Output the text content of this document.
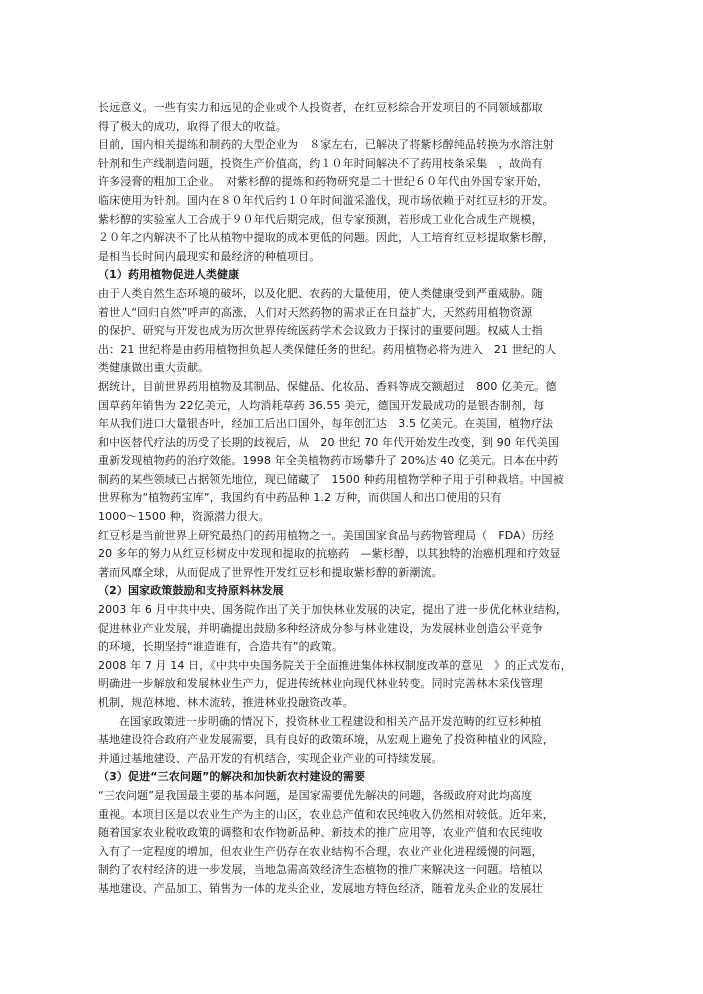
长远意义。一些有实力和远见的企业或个人投资者，在红豆杉综合开发项目的不同领域都取
得了极大的成功，取得了很大的收益。
目前，国内相关提练和制药的大型企业为　８家左右，已解决了将紫杉醇纯品转换为水溶注射
针剂和生产线制造问题，投资生产价值高，约１０年时间解决不了药用枝条采集　，故尚有
许多浸膏的粗加工企业。　对紫杉醇的提炼和药物研究是二十世纪６０年代由外国专家开始，
临床使用为针剂。国内在８０年代后约１０年时间滥采滥伐，现市场依赖于对红豆杉的开发。
紫杉醇的实验室人工合成于９０年代后期完成，但专家预测，若形成工业化合成生产规模，
２０年之内解决不了比从植物中提取的成本更低的问题。因此，人工培育红豆杉提取紫杉醇，
是相当长时间内最现实和最经济的种植项目。
（1）药用植物促进人类健康
由于人类自然生态环境的破坏，以及化肥、农药的大量使用，使人类健康受到严重威胁。随
着世人“回归自然”呼声的高涨，人们对天然药物的需求正在日益扩大，天然药用植物资源
的保护、研究与开发也成为历次世界传统医药学术会议致力于探讨的重要问题。权威人士指
出：21 世纪将是由药用植物担负起人类保健任务的世纪。药用植物必将为进入　21 世纪的人
类健康做出重大贡献。
据统计，目前世界药用植物及其制品、保健品、化妆品、香料等成交额超过　800 亿美元。德
国草药年销售为 22亿美元，人均消耗草药 36.55 美元，德国开发最成功的是银杏制剂，每
年从我们进口大量银杏叶，经加工后出口国外，每年创汇达　3.5 亿美元。在美国，植物疗法
和中医替代疗法的历受了长期的歧视后，从　20 世纪 70 年代开始发生改变，到 90 年代美国
重新发现植物药的治疗效能。1998 年全美植物药市场攀升了 20%达 40 亿美元。日本在中药
制药的某些领域已占据领先地位，现已储藏了　1500 种药用植物学种子用于引种栽培。中国被
世界称为“植物药宝库”，我国约有中药品种 1.2 万种，而供国人和出口使用的只有
1000～1500 种，资源潜力很大。
红豆杉是当前世界上研究最热门的药用植物之一。美国国家食品与药物管理局（　FDA）历经
20 多年的努力从红豆杉树皮中发现和提取的抗癌药　—紫杉醇，以其独特的治癌机理和疗效显
著而风靡全球，从而促成了世界性开发红豆杉和提取紫杉醇的新潮流。
（2）国家政策鼓励和支持原料林发展
2003 年 6 月中共中央、国务院作出了关于加快林业发展的决定，提出了进一步优化林业结构，
促进林业产业发展，并明确提出鼓励多种经济成分参与林业建设，为发展林业创造公平竞争
的环境，长期坚持“谁造谁有，合造共有”的政策。
2008 年 7 月 14 日，《中共中央国务院关于全面推进集体林权制度改革的意见　》的正式发布，
明确进一步解放和发展林业生产力，促进传统林业向现代林业转变。同时完善林木采伐管理
机制，规范林地、林木流转，推进林业投融资改革。
在国家政策进一步明确的情况下，投资林业工程建设和相关产品开发范畴的红豆杉种植
基地建设符合政府产业发展需要，具有良好的政策环境，从宏观上避免了投资种植业的风险，
并通过基地建设、产品开发的有机结合，实现企业产业的可持续发展。
（3）促进“三农问题”的解决和加快新农村建设的需要
“三农问题”是我国最主要的基本问题，是国家需要优先解决的问题，各级政府对此均高度
重视。本项目区是以农业生产为主的山区，农业总产值和农民纯收入仍然相对较低。近年来，
随着国家农业税收政策的调整和农作物新品种、新技术的推广应用等，农业产值和农民纯收
入有了一定程度的增加，但农业生产仍存在农业结构不合理，农业产业化进程缓慢的问题，
制约了农村经济的进一步发展，当地急需高效经济生态植物的推广来解决这一问题。培植以
基地建设、产品加工、销售为一体的龙头企业，发展地方特色经济，随着龙头企业的发展壮
